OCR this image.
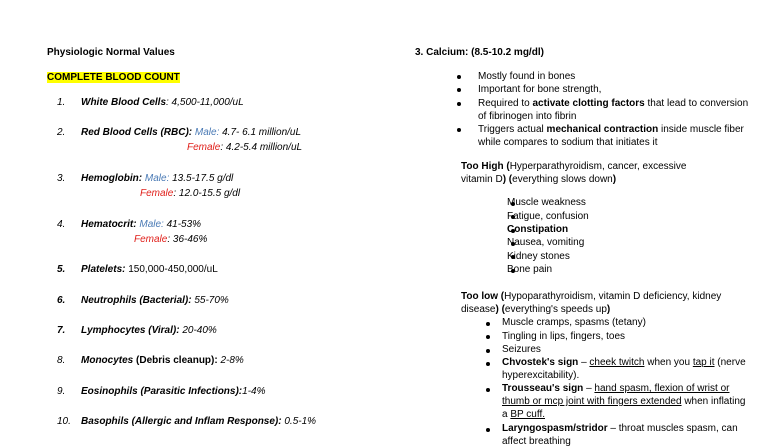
Physiologic Normal Values
COMPLETE BLOOD COUNT
1.	White Blood Cells: 4,500-11,000/uL
2.	Red Blood Cells (RBC): Male: 4.7- 6.1 million/uL
Female: 4.2-5.4 million/uL
3.	Hemoglobin: Male: 13.5-17.5 g/dl
Female: 12.0-15.5 g/dl
4.	Hematocrit: Male: 41-53%
Female: 36-46%
5.	Platelets: 150,000-450,000/uL
6.	Neutrophils (Bacterial): 55-70%
7.	Lymphocytes (Viral): 20-40%
8.	Monocytes (Debris cleanup): 2-8%
9.	Eosinophils (Parasitic Infections):1-4%
10. Basophils (Allergic and Inflam Response): 0.5-1%
3. Calcium: (8.5-10.2 mg/dl)
Mostly found in bones
Important for bone strength,
Required to activate clotting factors that lead to conversion
of fibrinogen into fibrin
Triggers actual mechanical contraction inside muscle fiber
while compares to sodium that initiates it
Too High (Hyperparathyroidism, cancer, excessive
vitamin D) (everything slows down)
Muscle weakness
Fatigue, confusion
Constipation
Nausea, vomiting
Kidney stones
Bone pain
Too low (Hypoparathyroidism, vitamin D deficiency, kidney
disease) (everything's speeds up)
Muscle cramps, spasms (tetany)
Tingling in lips, fingers, toes
Seizures
Chvostek's sign – cheek twitch when you tap it (nerve
hyperexcitability).
Trousseau's sign – hand spasm, flexion of wrist or
thumb or mcp joint with fingers extended when inflating
a BP cuff.
Laryngospasm/stridor – throat muscles spasm, can
affect breathing
